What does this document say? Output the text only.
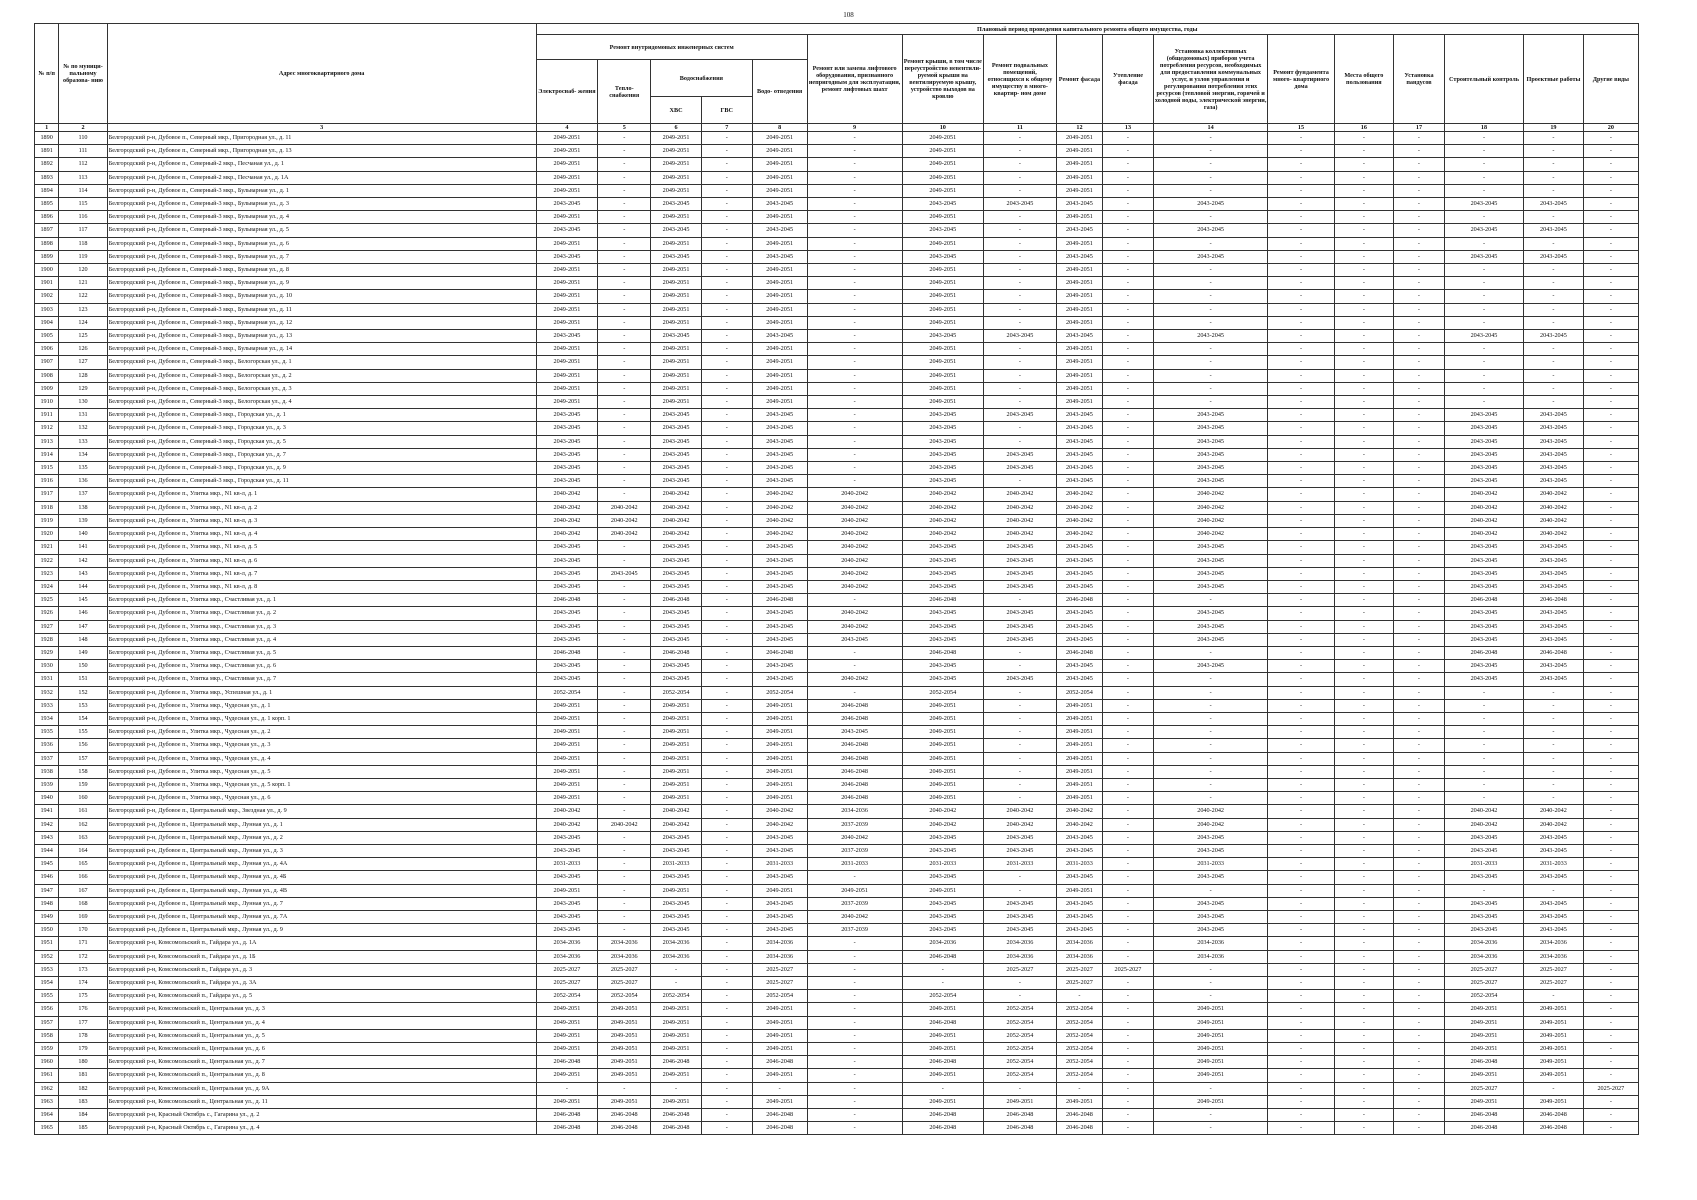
108
№ п/п	№ по муници- пальному образова- нию	Адрес многоквартирного дома	Плановый период проведения капитального ремонта общего имущества, годы																
			Ремонт внутридомовых инженерных систем					Ремонт или замена лифтового оборудования, признанного непригодным для эксплуатации, ремонт лифтовых шахт	Ремонт крыши, в том числе переустройство невентили- руемой крыши на вентилируемую крышу, устройство выходов на кровлю	Ремонт подвальных помещений, относящихся к общему имуществу в много- квартир- ном доме	Ремонт фасада	Утепление фасада	Установка коллективных (общедомовых) приборов учета потребления ресурсов, необходимых для предоставления коммунальных услуг, и узлов управления и регулирования потребления этих ресурсов (тепловой энергии, горячей и холодной воды, электрической энергии, газа)	Ремонт фундамента много- квартирного дома	Места общего пользования	Установка пандусов	Строительный контроль	Проектные работы	Другие виды
			Электроснаб- жения	Тепло- снабжения	Водоснабжения		Водо- отведения												
					ХВС	ГВС													
1	2	3	4	5	6	7	8	9	10	11	12	13	14	15	16	17	18	19	20
1890	110	Белгородский р-н, Дубовое п., Северный мкр., Пригородная ул., д. 11	2049-2051	-	2049-2051	-	2049-2051	-	2049-2051	-	2049-2051	-	-	-	-	-	-	-	-
1891	111	Белгородский р-н, Дубовое п., Северный мкр., Пригородная ул., д. 13	2049-2051	-	2049-2051	-	2049-2051	-	2049-2051	-	2049-2051	-	-	-	-	-	-	-	-
1892	112	Белгородский р-н, Дубовое п., Северный-2 мкр., Песчаная ул., д. 1	2049-2051	-	2049-2051	-	2049-2051	-	2049-2051	-	2049-2051	-	-	-	-	-	-	-	-
1893	113	Белгородский р-н, Дубовое п., Северный-2 мкр., Песчаная ул., д. 1А	2049-2051	-	2049-2051	-	2049-2051	-	2049-2051	-	2049-2051	-	-	-	-	-	-	-	-
1894	114	Белгородский р-н, Дубовое п., Северный-3 мкр., Бульварная ул., д. 1	2049-2051	-	2049-2051	-	2049-2051	-	2049-2051	-	2049-2051	-	-	-	-	-	-	-	-
1895	115	Белгородский р-н, Дубовое п., Северный-3 мкр., Бульварная ул., д. 3	2043-2045	-	2043-2045	-	2043-2045	-	2043-2045	2043-2045	2043-2045	-	2043-2045	-	-	-	2043-2045	2043-2045	-
1896	116	Белгородский р-н, Дубовое п., Северный-3 мкр., Бульварная ул., д. 4	2049-2051	-	2049-2051	-	2049-2051	-	2049-2051	-	2049-2051	-	-	-	-	-	-	-	-
1897	117	Белгородский р-н, Дубовое п., Северный-3 мкр., Бульварная ул., д. 5	2043-2045	-	2043-2045	-	2043-2045	-	2043-2045	-	2043-2045	-	2043-2045	-	-	-	2043-2045	2043-2045	-
1898	118	Белгородский р-н, Дубовое п., Северный-3 мкр., Бульварная ул., д. 6	2049-2051	-	2049-2051	-	2049-2051	-	2049-2051	-	2049-2051	-	-	-	-	-	-	-	-
1899	119	Белгородский р-н, Дубовое п., Северный-3 мкр., Бульварная ул., д. 7	2043-2045	-	2043-2045	-	2043-2045	-	2043-2045	-	2043-2045	-	2043-2045	-	-	-	2043-2045	2043-2045	-
1900	120	Белгородский р-н, Дубовое п., Северный-3 мкр., Бульварная ул., д. 8	2049-2051	-	2049-2051	-	2049-2051	-	2049-2051	-	2049-2051	-	-	-	-	-	-	-	-
1901	121	Белгородский р-н, Дубовое п., Северный-3 мкр., Бульварная ул., д. 9	2049-2051	-	2049-2051	-	2049-2051	-	2049-2051	-	2049-2051	-	-	-	-	-	-	-	-
1902	122	Белгородский р-н, Дубовое п., Северный-3 мкр., Бульварная ул., д. 10	2049-2051	-	2049-2051	-	2049-2051	-	2049-2051	-	2049-2051	-	-	-	-	-	-	-	-
1903	123	Белгородский р-н, Дубовое п., Северный-3 мкр., Бульварная ул., д. 11	2049-2051	-	2049-2051	-	2049-2051	-	2049-2051	-	2049-2051	-	-	-	-	-	-	-	-
1904	124	Белгородский р-н, Дубовое п., Северный-3 мкр., Бульварная ул., д. 12	2049-2051	-	2049-2051	-	2049-2051	-	2049-2051	-	2049-2051	-	-	-	-	-	-	-	-
1905	125	Белгородский р-н, Дубовое п., Северный-3 мкр., Бульварная ул., д. 13	2043-2045	-	2043-2045	-	2043-2045	-	2043-2045	2043-2045	2043-2045	-	2043-2045	-	-	-	2043-2045	2043-2045	-
1906	126	Белгородский р-н, Дубовое п., Северный-3 мкр., Бульварная ул., д. 14	2049-2051	-	2049-2051	-	2049-2051	-	2049-2051	-	2049-2051	-	-	-	-	-	-	-	-
1907	127	Белгородский р-н, Дубовое п., Северный-3 мкр., Белогорская ул., д. 1	2049-2051	-	2049-2051	-	2049-2051	-	2049-2051	-	2049-2051	-	-	-	-	-	-	-	-
1908	128	Белгородский р-н, Дубовое п., Северный-3 мкр., Белогорская ул., д. 2	2049-2051	-	2049-2051	-	2049-2051	-	2049-2051	-	2049-2051	-	-	-	-	-	-	-	-
1909	129	Белгородский р-н, Дубовое п., Северный-3 мкр., Белогорская ул., д. 3	2049-2051	-	2049-2051	-	2049-2051	-	2049-2051	-	2049-2051	-	-	-	-	-	-	-	-
1910	130	Белгородский р-н, Дубовое п., Северный-3 мкр., Белогорская ул., д. 4	2049-2051	-	2049-2051	-	2049-2051	-	2049-2051	-	2049-2051	-	-	-	-	-	-	-	-
1911	131	Белгородский р-н, Дубовое п., Северный-3 мкр., Городская ул., д. 1	2043-2045	-	2043-2045	-	2043-2045	-	2043-2045	2043-2045	2043-2045	-	2043-2045	-	-	-	2043-2045	2043-2045	-
1912	132	Белгородский р-н, Дубовое п., Северный-3 мкр., Городская ул., д. 3	2043-2045	-	2043-2045	-	2043-2045	-	2043-2045	-	2043-2045	-	2043-2045	-	-	-	2043-2045	2043-2045	-
1913	133	Белгородский р-н, Дубовое п., Северный-3 мкр., Городская ул., д. 5	2043-2045	-	2043-2045	-	2043-2045	-	2043-2045	-	2043-2045	-	2043-2045	-	-	-	2043-2045	2043-2045	-
1914	134	Белгородский р-н, Дубовое п., Северный-3 мкр., Городская ул., д. 7	2043-2045	-	2043-2045	-	2043-2045	-	2043-2045	2043-2045	2043-2045	-	2043-2045	-	-	-	2043-2045	2043-2045	-
1915	135	Белгородский р-н, Дубовое п., Северный-3 мкр., Городская ул., д. 9	2043-2045	-	2043-2045	-	2043-2045	-	2043-2045	2043-2045	2043-2045	-	2043-2045	-	-	-	2043-2045	2043-2045	-
1916	136	Белгородский р-н, Дубовое п., Северный-3 мкр., Городская ул., д. 11	2043-2045	-	2043-2045	-	2043-2045	-	2043-2045	-	2043-2045	-	2043-2045	-	-	-	2043-2045	2043-2045	-
1917	137	Белгородский р-н, Дубовое п., Улитка мкр., N1 кв-л, д. 1	2040-2042	-	2040-2042	-	2040-2042	2040-2042	2040-2042	2040-2042	2040-2042	-	2040-2042	-	-	-	2040-2042	2040-2042	-
1918	138	Белгородский р-н, Дубовое п., Улитка мкр., N1 кв-л, д. 2	2040-2042	2040-2042	2040-2042	-	2040-2042	2040-2042	2040-2042	2040-2042	2040-2042	-	2040-2042	-	-	-	2040-2042	2040-2042	-
1919	139	Белгородский р-н, Дубовое п., Улитка мкр., N1 кв-л, д. 3	2040-2042	2040-2042	2040-2042	-	2040-2042	2040-2042	2040-2042	2040-2042	2040-2042	-	2040-2042	-	-	-	2040-2042	2040-2042	-
1920	140	Белгородский р-н, Дубовое п., Улитка мкр., N1 кв-л, д. 4	2040-2042	2040-2042	2040-2042	-	2040-2042	2040-2042	2040-2042	2040-2042	2040-2042	-	2040-2042	-	-	-	2040-2042	2040-2042	-
1921	141	Белгородский р-н, Дубовое п., Улитка мкр., N1 кв-л, д. 5	2043-2045	-	2043-2045	-	2043-2045	2040-2042	2043-2045	2043-2045	2043-2045	-	2043-2045	-	-	-	2043-2045	2043-2045	-
1922	142	Белгородский р-н, Дубовое п., Улитка мкр., N1 кв-л, д. 6	2043-2045	-	2043-2045	-	2043-2045	2040-2042	2043-2045	2043-2045	2043-2045	-	2043-2045	-	-	-	2043-2045	2043-2045	-
1923	143	Белгородский р-н, Дубовое п., Улитка мкр., N1 кв-л, д. 7	2043-2045	2043-2045	2043-2045	-	2043-2045	2040-2042	2043-2045	2043-2045	2043-2045	-	2043-2045	-	-	-	2043-2045	2043-2045	-
1924	144	Белгородский р-н, Дубовое п., Улитка мкр., N1 кв-л, д. 8	2043-2045	-	2043-2045	-	2043-2045	2040-2042	2043-2045	2043-2045	2043-2045	-	2043-2045	-	-	-	2043-2045	2043-2045	-
1925	145	Белгородский р-н, Дубовое п., Улитка мкр., Счастливая ул., д. 1	2046-2048	-	2046-2048	-	2046-2048	-	2046-2048	-	2046-2048	-	-	-	-	-	2046-2048	2046-2048	-
1926	146	Белгородский р-н, Дубовое п., Улитка мкр., Счастливая ул., д. 2	2043-2045	-	2043-2045	-	2043-2045	2040-2042	2043-2045	2043-2045	2043-2045	-	2043-2045	-	-	-	2043-2045	2043-2045	-
1927	147	Белгородский р-н, Дубовое п., Улитка мкр., Счастливая ул., д. 3	2043-2045	-	2043-2045	-	2043-2045	2040-2042	2043-2045	2043-2045	2043-2045	-	2043-2045	-	-	-	2043-2045	2043-2045	-
1928	148	Белгородский р-н, Дубовое п., Улитка мкр., Счастливая ул., д. 4	2043-2045	-	2043-2045	-	2043-2045	2043-2045	2043-2045	2043-2045	2043-2045	-	2043-2045	-	-	-	2043-2045	2043-2045	-
1929	149	Белгородский р-н, Дубовое п., Улитка мкр., Счастливая ул., д. 5	2046-2048	-	2046-2048	-	2046-2048	-	2046-2048	-	2046-2048	-	-	-	-	-	2046-2048	2046-2048	-
1930	150	Белгородский р-н, Дубовое п., Улитка мкр., Счастливая ул., д. 6	2043-2045	-	2043-2045	-	2043-2045	-	2043-2045	-	2043-2045	-	2043-2045	-	-	-	2043-2045	2043-2045	-
1931	151	Белгородский р-н, Дубовое п., Улитка мкр., Счастливая ул., д. 7	2043-2045	-	2043-2045	-	2043-2045	2040-2042	2043-2045	2043-2045	2043-2045	-	-	-	-	-	2043-2045	2043-2045	-
1932	152	Белгородский р-н, Дубовое п., Улитка мкр., Успешная ул., д. 1	2052-2054	-	2052-2054	-	2052-2054	-	2052-2054	-	2052-2054	-	-	-	-	-	-	-	-
1933	153	Белгородский р-н, Дубовое п., Улитка мкр., Чудесная ул., д. 1	2049-2051	-	2049-2051	-	2049-2051	2046-2048	2049-2051	-	2049-2051	-	-	-	-	-	-	-	-
1934	154	Белгородский р-н, Дубовое п., Улитка мкр., Чудесная ул., д. 1 корп. 1	2049-2051	-	2049-2051	-	2049-2051	2046-2048	2049-2051	-	2049-2051	-	-	-	-	-	-	-	-
1935	155	Белгородский р-н, Дубовое п., Улитка мкр., Чудесная ул., д. 2	2049-2051	-	2049-2051	-	2049-2051	2043-2045	2049-2051	-	2049-2051	-	-	-	-	-	-	-	-
1936	156	Белгородский р-н, Дубовое п., Улитка мкр., Чудесная ул., д. 3	2049-2051	-	2049-2051	-	2049-2051	2046-2048	2049-2051	-	2049-2051	-	-	-	-	-	-	-	-
1937	157	Белгородский р-н, Дубовое п., Улитка мкр., Чудесная ул., д. 4	2049-2051	-	2049-2051	-	2049-2051	2046-2048	2049-2051	-	2049-2051	-	-	-	-	-	-	-	-
1938	158	Белгородский р-н, Дубовое п., Улитка мкр., Чудесная ул., д. 5	2049-2051	-	2049-2051	-	2049-2051	2046-2048	2049-2051	-	2049-2051	-	-	-	-	-	-	-	-
1939	159	Белгородский р-н, Дубовое п., Улитка мкр., Чудесная ул., д. 5 корп. 1	2049-2051	-	2049-2051	-	2049-2051	2046-2048	2049-2051	-	2049-2051	-	-	-	-	-	-	-	-
1940	160	Белгородский р-н, Дубовое п., Улитка мкр., Чудесная ул., д. 6	2049-2051	-	2049-2051	-	2049-2051	2046-2048	2049-2051	-	2049-2051	-	-	-	-	-	-	-	-
1941	161	Белгородский р-н, Дубовое п., Центральный мкр., Звездная ул., д. 9	2040-2042	-	2040-2042	-	2040-2042	2034-2036	2040-2042	2040-2042	2040-2042	-	2040-2042	-	-	-	2040-2042	2040-2042	-
1942	162	Белгородский р-н, Дубовое п., Центральный мкр., Лунная ул., д. 1	2040-2042	2040-2042	2040-2042	-	2040-2042	2037-2039	2040-2042	2040-2042	2040-2042	-	2040-2042	-	-	-	2040-2042	2040-2042	-
1943	163	Белгородский р-н, Дубовое п., Центральный мкр., Лунная ул., д. 2	2043-2045	-	2043-2045	-	2043-2045	2040-2042	2043-2045	2043-2045	2043-2045	-	2043-2045	-	-	-	2043-2045	2043-2045	-
1944	164	Белгородский р-н, Дубовое п., Центральный мкр., Лунная ул., д. 3	2043-2045	-	2043-2045	-	2043-2045	2037-2039	2043-2045	2043-2045	2043-2045	-	2043-2045	-	-	-	2043-2045	2043-2045	-
1945	165	Белгородский р-н, Дубовое п., Центральный мкр., Лунная ул., д. 4А	2031-2033	-	2031-2033	-	2031-2033	2031-2033	2031-2033	2031-2033	2031-2033	-	2031-2033	-	-	-	2031-2033	2031-2033	-
1946	166	Белгородский р-н, Дубовое п., Центральный мкр., Лунная ул., д. 4Б	2043-2045	-	2043-2045	-	2043-2045	-	2043-2045	-	2043-2045	-	2043-2045	-	-	-	2043-2045	2043-2045	-
1947	167	Белгородский р-н, Дубовое п., Центральный мкр., Лунная ул., д. 4В	2049-2051	-	2049-2051	-	2049-2051	2049-2051	2049-2051	-	2049-2051	-	-	-	-	-	-	-	-
1948	168	Белгородский р-н, Дубовое п., Центральный мкр., Лунная ул., д. 7	2043-2045	-	2043-2045	-	2043-2045	2037-2039	2043-2045	2043-2045	2043-2045	-	2043-2045	-	-	-	2043-2045	2043-2045	-
1949	169	Белгородский р-н, Дубовое п., Центральный мкр., Лунная ул., д. 7А	2043-2045	-	2043-2045	-	2043-2045	2040-2042	2043-2045	2043-2045	2043-2045	-	2043-2045	-	-	-	2043-2045	2043-2045	-
1950	170	Белгородский р-н, Дубовое п., Центральный мкр., Лунная ул., д. 9	2043-2045	-	2043-2045	-	2043-2045	2037-2039	2043-2045	2043-2045	2043-2045	-	2043-2045	-	-	-	2043-2045	2043-2045	-
1951	171	Белгородский р-н, Комсомольский п., Гайдара ул., д. 1А	2034-2036	2034-2036	2034-2036	-	2034-2036	-	2034-2036	2034-2036	2034-2036	-	2034-2036	-	-	-	2034-2036	2034-2036	-
1952	172	Белгородский р-н, Комсомольский п., Гайдара ул., д. 1Б	2034-2036	2034-2036	2034-2036	-	2034-2036	-	2046-2048	2034-2036	2034-2036	-	2034-2036	-	-	-	2034-2036	2034-2036	-
1953	173	Белгородский р-н, Комсомольский п., Гайдара ул., д. 3	2025-2027	2025-2027	-	-	2025-2027	-	-	2025-2027	2025-2027	2025-2027	-	-	-	-	2025-2027	2025-2027	-
1954	174	Белгородский р-н, Комсомольский п., Гайдара ул., д. 3А	2025-2027	2025-2027	-	-	2025-2027	-	-	-	2025-2027	-	-	-	-	-	2025-2027	2025-2027	-
1955	175	Белгородский р-н, Комсомольский п., Гайдара ул., д. 5	2052-2054	2052-2054	2052-2054	-	2052-2054	-	2052-2054	-	-	-	-	-	-	-	2052-2054	-	-
1956	176	Белгородский р-н, Комсомольский п., Центральная ул., д. 3	2049-2051	2049-2051	2049-2051	-	2049-2051	-	2049-2051	2052-2054	2052-2054	-	2049-2051	-	-	-	2049-2051	2049-2051	-
1957	177	Белгородский р-н, Комсомольский п., Центральная ул., д. 4	2049-2051	2049-2051	2049-2051	-	2049-2051	-	2046-2048	2052-2054	2052-2054	-	2049-2051	-	-	-	2049-2051	2049-2051	-
1958	178	Белгородский р-н, Комсомольский п., Центральная ул., д. 5	2049-2051	2049-2051	2049-2051	-	2049-2051	-	2049-2051	2052-2054	2052-2054	-	2049-2051	-	-	-	2049-2051	2049-2051	-
1959	179	Белгородский р-н, Комсомольский п., Центральная ул., д. 6	2049-2051	2049-2051	2049-2051	-	2049-2051	-	2049-2051	2052-2054	2052-2054	-	2049-2051	-	-	-	2049-2051	2049-2051	-
1960	180	Белгородский р-н, Комсомольский п., Центральная ул., д. 7	2046-2048	2049-2051	2046-2048	-	2046-2048	-	2046-2048	2052-2054	2052-2054	-	2049-2051	-	-	-	2046-2048	2049-2051	-
1961	181	Белгородский р-н, Комсомольский п., Центральная ул., д. 8	2049-2051	2049-2051	2049-2051	-	2049-2051	-	2049-2051	2052-2054	2052-2054	-	2049-2051	-	-	-	2049-2051	2049-2051	-
1962	182	Белгородский р-н, Комсомольский п., Центральная ул., д. 9А	-	-	-	-	-	-	-	-	-	-	-	-	-	-	2025-2027	-	2025-2027
1963	183	Белгородский р-н, Комсомольский п., Центральная ул., д. 11	2049-2051	2049-2051	2049-2051	-	2049-2051	-	2049-2051	2049-2051	2049-2051	-	2049-2051	-	-	-	2049-2051	2049-2051	-
1964	184	Белгородский р-н, Красный Октябрь с., Гагарина ул., д. 2	2046-2048	2046-2048	2046-2048	-	2046-2048	-	2046-2048	2046-2048	2046-2048	-	-	-	-	-	2046-2048	2046-2048	-
1965	185	Белгородский р-н, Красный Октябрь с., Гагарина ул., д. 4	2046-2048	2046-2048	2046-2048	-	2046-2048	-	2046-2048	2046-2048	2046-2048	-	-	-	-	-	2046-2048	2046-2048	-
